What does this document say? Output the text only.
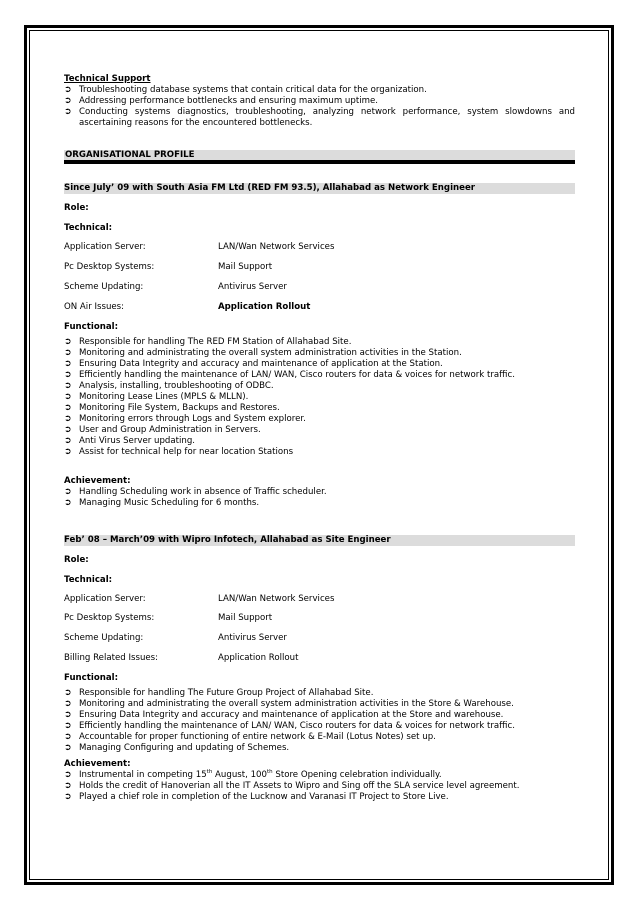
Technical Support
➲ Troubleshooting database systems that contain critical data for the organization.
➲ Addressing performance bottlenecks and ensuring maximum uptime.
➲ Conducting systems diagnostics, troubleshooting, analyzing network performance, system slowdowns and ascertaining reasons for the encountered bottlenecks.
ORGANISATIONAL PROFILE
Since July’ 09 with South Asia FM Ltd (RED FM 93.5), Allahabad as Network Engineer
Role:
Technical:
Application Server:	LAN/Wan Network Services
Pc Desktop Systems:	Mail Support
Scheme Updating:	Antivirus Server
ON Air Issues:	Application Rollout
Functional:
➲ Responsible for handling The RED FM Station of Allahabad Site.
➲ Monitoring and administrating the overall system administration activities in the Station.
➲ Ensuring Data Integrity and accuracy and maintenance of application at the Station.
➲ Efficiently handling the maintenance of LAN/ WAN, Cisco routers for data & voices for network traffic.
➲ Analysis, installing, troubleshooting of ODBC.
➲ Monitoring Lease Lines (MPLS & MLLN).
➲ Monitoring File System, Backups and Restores.
➲ Monitoring errors through Logs and System explorer.
➲ User and Group Administration in Servers.
➲ Anti Virus Server updating.
➲ Assist for technical help for near location Stations
Achievement:
➲ Handling Scheduling work in absence of Traffic scheduler.
➲ Managing Music Scheduling for 6 months.
Feb’ 08 – March’09 with Wipro Infotech, Allahabad as Site Engineer
Role:
Technical:
Application Server:	LAN/Wan Network Services
Pc Desktop Systems:	Mail Support
Scheme Updating:	Antivirus Server
Billing Related Issues:	Application Rollout
Functional:
➲ Responsible for handling The Future Group Project of Allahabad Site.
➲ Monitoring and administrating the overall system administration activities in the Store & Warehouse.
➲ Ensuring Data Integrity and accuracy and maintenance of application at the Store and warehouse.
➲ Efficiently handling the maintenance of LAN/ WAN, Cisco routers for data & voices for network traffic.
➲ Accountable for proper functioning of entire network & E-Mail (Lotus Notes) set up.
➲ Managing Configuring and updating of Schemes.
Achievement:
➲ Instrumental in competing 15th August, 100th Store Opening celebration individually.
➲ Holds the credit of Hanoverian all the IT Assets to Wipro and Sing off the SLA service level agreement.
➲ Played a chief role in completion of the Lucknow and Varanasi IT Project to Store Live.
